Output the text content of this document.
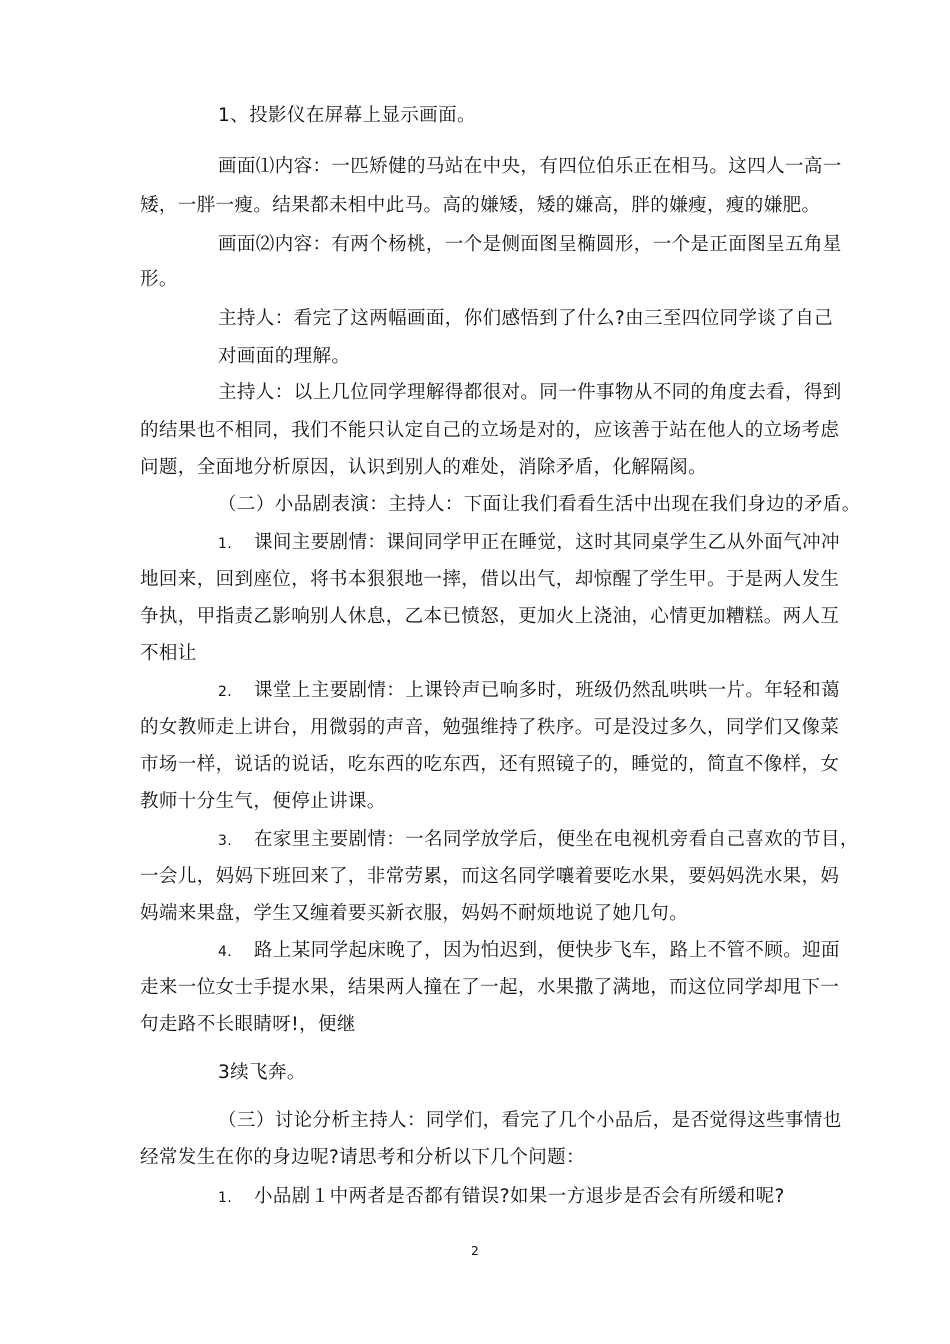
1、投影仪在屏幕上显示画面。
画面⑴内容：一匹矫健的马站在中央，有四位伯乐正在相马。这四人一高一
矮，一胖一瘦。结果都未相中此马。高的嫌矮，矮的嫌高，胖的嫌瘦，瘦的嫌肥。
画面⑵内容：有两个杨桃，一个是侧面图呈椭圆形，一个是正面图呈五角星
形。
主持人：看完了这两幅画面，你们感悟到了什么?由三至四位同学谈了自己
对画面的理解。
主持人：以上几位同学理解得都很对。同一件事物从不同的角度去看，得到
的结果也不相同，我们不能只认定自己的立场是对的，应该善于站在他人的立场考虑
问题，全面地分析原因，认识到别人的难处，消除矛盾，化解隔阂。
（二）小品剧表演：主持人：下面让我们看看生活中出现在我们身边的矛盾。
1. 课间主要剧情：课间同学甲正在睡觉，这时其同桌学生乙从外面气冲冲
地回来，回到座位，将书本狠狠地一摔，借以出气，却惊醒了学生甲。于是两人发生
争执，甲指责乙影响别人休息，乙本已愤怒，更加火上浇油，心情更加糟糕。两人互
不相让
2. 课堂上主要剧情：上课铃声已响多时，班级仍然乱哄哄一片。年轻和蔼
的女教师走上讲台，用微弱的声音，勉强维持了秩序。可是没过多久，同学们又像菜
市场一样，说话的说话，吃东西的吃东西，还有照镜子的，睡觉的，简直不像样，女
教师十分生气，便停止讲课。
3. 在家里主要剧情：一名同学放学后，便坐在电视机旁看自己喜欢的节目，
一会儿，妈妈下班回来了，非常劳累，而这名同学嚷着要吃水果，要妈妈洗水果，妈
妈端来果盘，学生又缠着要买新衣服，妈妈不耐烦地说了她几句。
4. 路上某同学起床晚了，因为怕迟到，便快步飞车，路上不管不顾。迎面
走来一位女士手提水果，结果两人撞在了一起，水果撒了满地，而这位同学却甩下一
句走路不长眼睛呀!，便继
3续飞奔。
（三）讨论分析主持人：同学们，看完了几个小品后，是否觉得这些事情也
经常发生在你的身边呢?请思考和分析以下几个问题：
1. 小品剧１中两者是否都有错误?如果一方退步是否会有所缓和呢?
2
